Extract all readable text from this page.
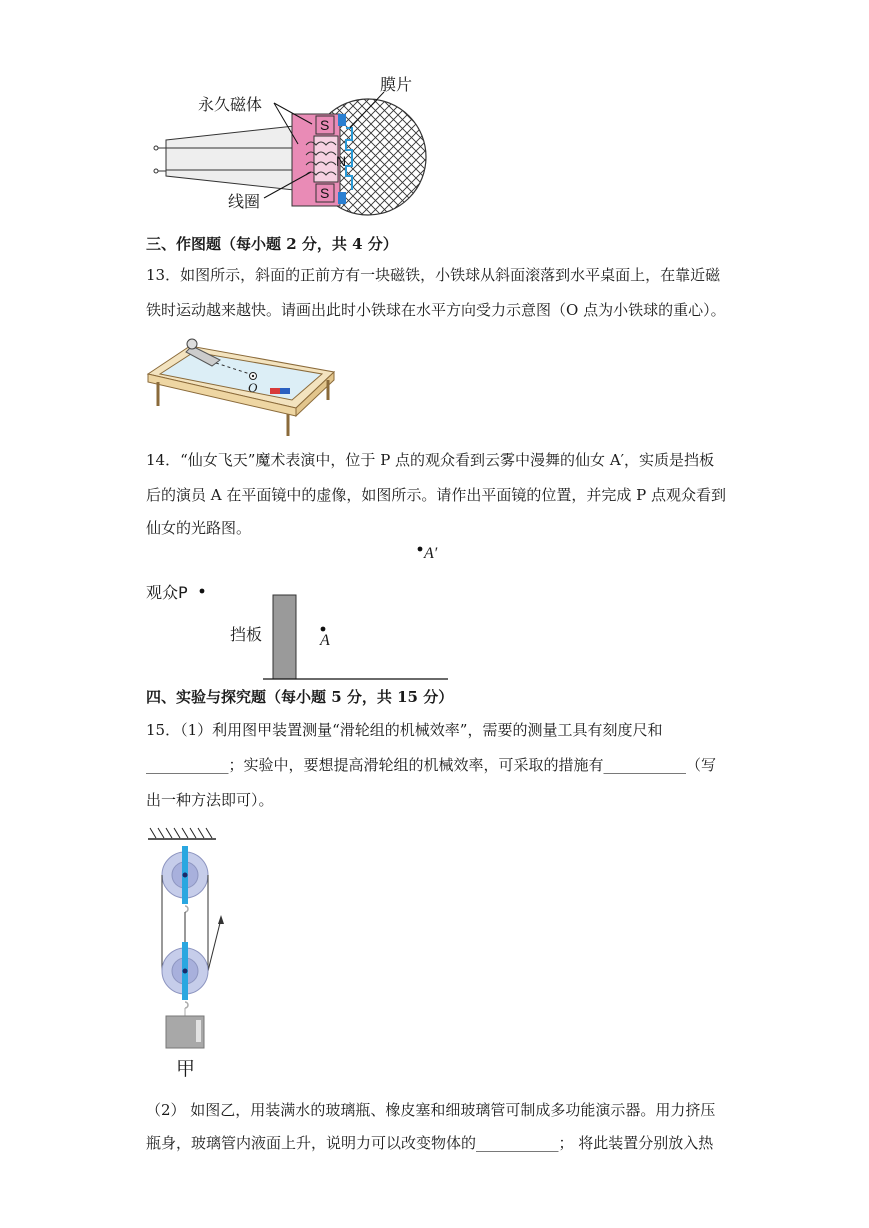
S
S
N
膜片
永久磁体
线圈
三、作图题（每小题 2 分，共 4 分）
13．如图所示，斜面的正前方有一块磁铁，小铁球从斜面滚落到水平桌面上，在靠近磁
铁时运动越来越快。请画出此时小铁球在水平方向受力示意图（O 点为小铁球的重心）。
O
14．“仙女飞天”魔术表演中，位于 P 点的观众看到云雾中漫舞的仙女 A′，实质是挡板
后的演员 A 在平面镜中的虚像，如图所示。请作出平面镜的位置，并完成 P 点观众看到
仙女的光路图。
A′
观众P
挡板	A
四、实验与探究题（每小题 5 分，共 15 分）
15．（1）利用图甲装置测量“滑轮组的机械效率”，需要的测量工具有刻度尺和
___________；实验中，要想提高滑轮组的机械效率，可采取的措施有___________（写
出一种方法即可）。
甲
（2） 如图乙，用装满水的玻璃瓶、橡皮塞和细玻璃管可制成多功能演示器。用力挤压
瓶身，玻璃管内液面上升，说明力可以改变物体的___________； 将此装置分别放入热
